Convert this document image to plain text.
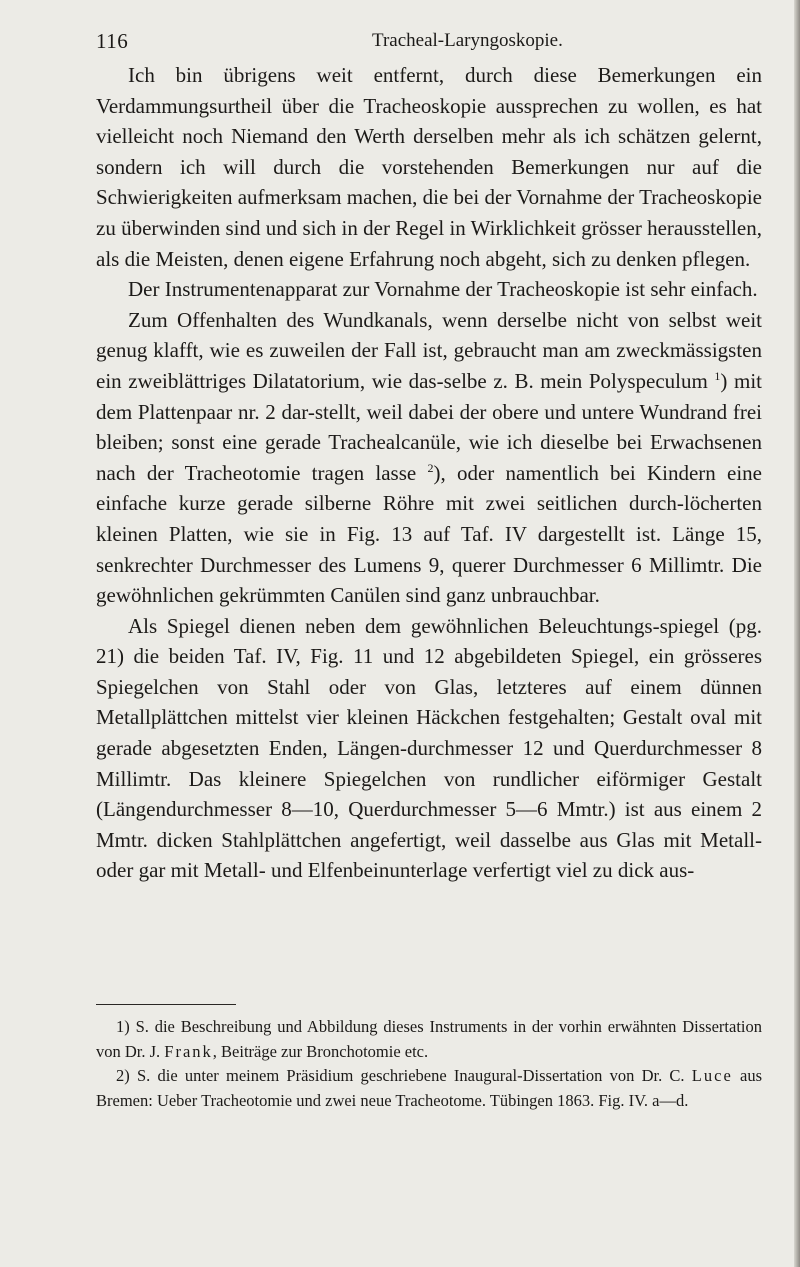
116	Tracheal-Laryngoskopie.

Ich bin übrigens weit entfernt, durch diese Bemerkungen ein Verdammungsurtheil über die Tracheoskopie aussprechen zu wollen, es hat vielleicht noch Niemand den Werth derselben mehr als ich schätzen gelernt, sondern ich will durch die vorstehenden Bemerkungen nur auf die Schwierigkeiten aufmerksam machen, die bei der Vornahme der Tracheoskopie zu überwinden sind und sich in der Regel in Wirklichkeit grösser herausstellen, als die Meisten, denen eigene Erfahrung noch abgeht, sich zu denken pflegen.

Der Instrumentenapparat zur Vornahme der Tracheoskopie ist sehr einfach.

Zum Offenhalten des Wundkanals, wenn derselbe nicht von selbst weit genug klafft, wie es zuweilen der Fall ist, gebraucht man am zweckmässigsten ein zweiblättriges Dilatatorium, wie das-selbe z. B. mein Polyspeculum $^1$) mit dem Plattenpaar nr. 2 dar-stellt, weil dabei der obere und untere Wundrand frei bleiben; sonst eine gerade Trachealcanüle, wie ich dieselbe bei Erwachsenen nach der Tracheotomie tragen lasse $^2$), oder namentlich bei Kindern eine einfache kurze gerade silberne Röhre mit zwei seitlichen durch-löcherten kleinen Platten, wie sie in Fig. 13 auf Taf. IV dargestellt ist. Länge 15, senkrechter Durchmesser des Lumens 9, querer Durchmesser 6 Millimtr. Die gewöhnlichen gekrümmten Canülen sind ganz unbrauchbar.

Als Spiegel dienen neben dem gewöhnlichen Beleuchtungs-spiegel (pg. 21) die beiden Taf. IV, Fig. 11 und 12 abgebildeten Spiegel, ein grösseres Spiegelchen von Stahl oder von Glas, letzteres auf einem dünnen Metallplättchen mittelst vier kleinen Häckchen festgehalten; Gestalt oval mit gerade abgesetzten Enden, Längen-durchmesser 12 und Querdurchmesser 8 Millimtr. Das kleinere Spiegelchen von rundlicher eiförmiger Gestalt (Längendurchmesser 8—10, Querdurchmesser 5—6 Mmtr.) ist aus einem 2 Mmtr. dicken Stahlplättchen angefertigt, weil dasselbe aus Glas mit Metall- oder gar mit Metall- und Elfenbeinunterlage verfertigt viel zu dick aus-

1) S. die Beschreibung und Abbildung dieses Instruments in der vorhin erwähnten Dissertation von Dr. J. Frank, Beiträge zur Bronchotomie etc.

2) S. die unter meinem Präsidium geschriebene Inaugural-Dissertation von Dr. C. Luce aus Bremen: Ueber Tracheotomie und zwei neue Tracheotome. Tübingen 1863. Fig. IV. a—d.
